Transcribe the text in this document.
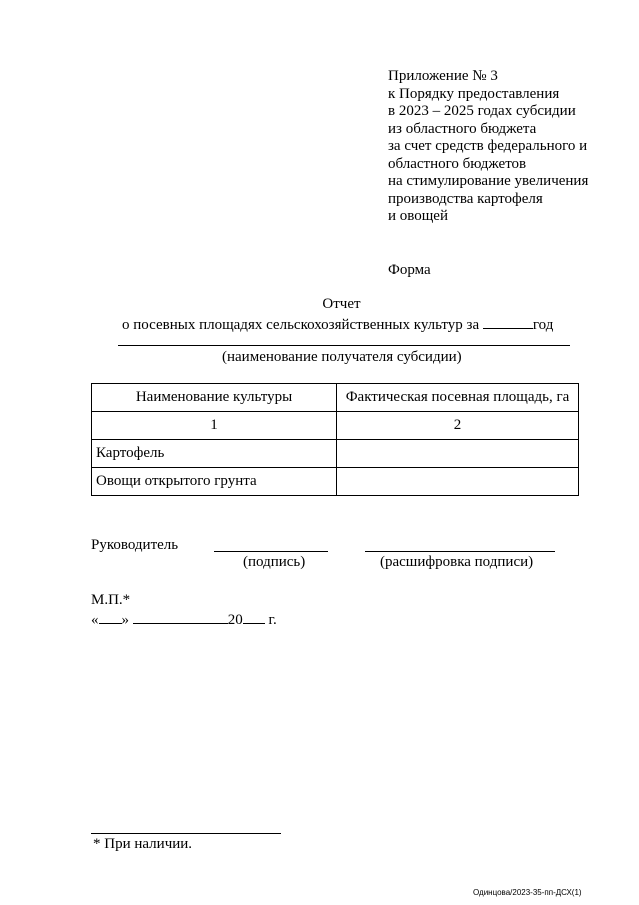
Приложение № 3
к Порядку предоставления
в 2023 – 2025 годах субсидии
из областного бюджета
за счет средств федерального и
областного бюджетов
на стимулирование увеличения
производства картофеля
и овощей
Форма
Отчет
о посевных площадях сельскохозяйственных культур за	год
(наименование получателя субсидии)
Наименование культуры	Фактическая посевная площадь, га
1	2
Картофель	
Овощи открытого грунта	
Руководитель
(подпись)	(расшифровка подписи)
М.П.*
« »	20 г.
* При наличии.
Одинцова/2023-35-пп-ДСХ(1)
